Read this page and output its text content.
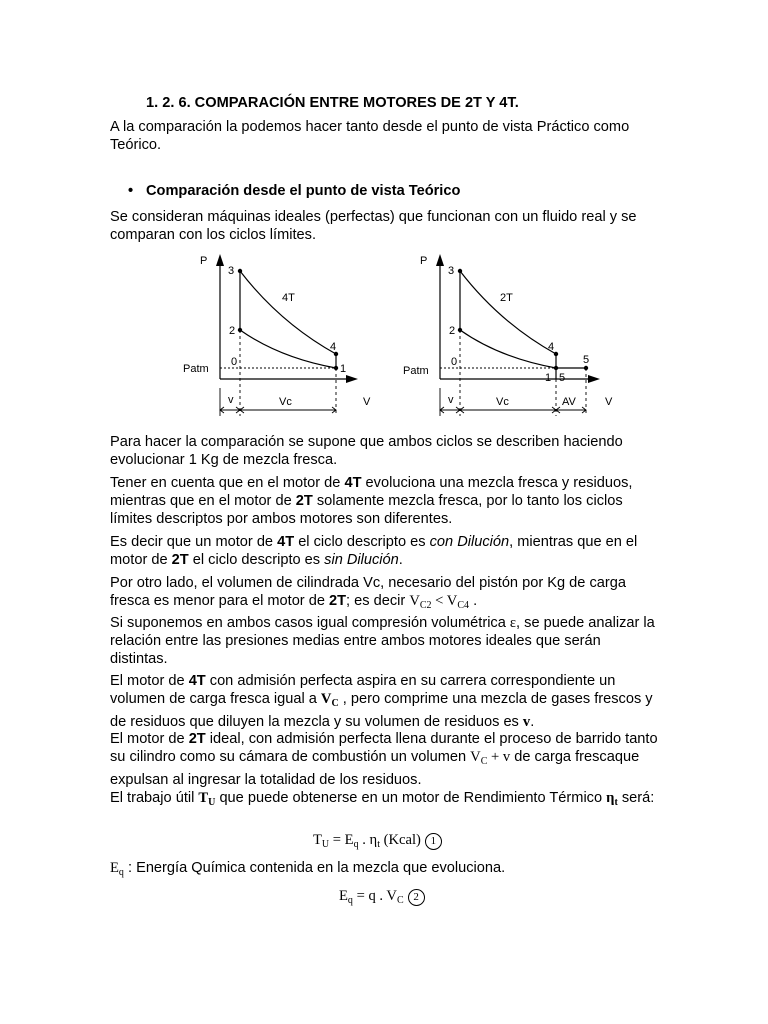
1. 2. 6. COMPARACIÓN ENTRE MOTORES DE 2T Y 4T.
A la comparación la podemos hacer tanto desde el punto de vista Práctico como Teórico.
• Comparación desde el punto de vista Teórico
Se consideran máquinas ideales (perfectas) que funcionan con un fluido real y se comparan con los ciclos límites.
P
V
4T
3
2
4
0
1
Patm
v	Vc
P
V
2T
3
2
4
0
1
5
5
Patm
v	Vc	AV
Para hacer la comparación se supone que ambos ciclos se describen haciendo evolucionar 1 Kg de mezcla fresca.
Tener en cuenta que en el motor de 4T evoluciona una mezcla fresca y residuos, mientras que en el motor de 2T solamente mezcla fresca, por lo tanto los ciclos límites descriptos por ambos motores son diferentes.
Es decir que un motor de 4T el ciclo descripto es con Dilución, mientras que en el motor de 2T el ciclo descripto es sin Dilución.
Por otro lado, el volumen de cilindrada Vc, necesario del pistón por Kg de carga fresca es menor para el motor de 2T; es decir $V_{C2} < V_{C4}$ .
Si suponemos en ambos casos igual compresión volumétrica ε, se puede analizar la relación entre las presiones medias entre ambos motores ideales que serán distintas.
El motor de 4T con admisión perfecta aspira en su carrera correspondiente un volumen de carga fresca igual a $V_C$ , pero comprime una mezcla de gases frescos y de residuos que diluyen la mezcla y su volumen de residuos es v.
El motor de 2T ideal, con admisión perfecta llena durante el proceso de barrido tanto su cilindro como su cámara de combustión un volumen $V_C + v$ de carga frescaque expulsan al ingresar la totalidad de los residuos.
El trabajo útil $T_U$ que puede obtenerse en un motor de Rendimiento Térmico $\eta_t$ será:
$T_U = E_q$ . $\eta_t$ (Kcal) 1
$E_q$ : Energía Química contenida en la mezcla que evoluciona.
$E_q = q$ . $V_C$ 2
